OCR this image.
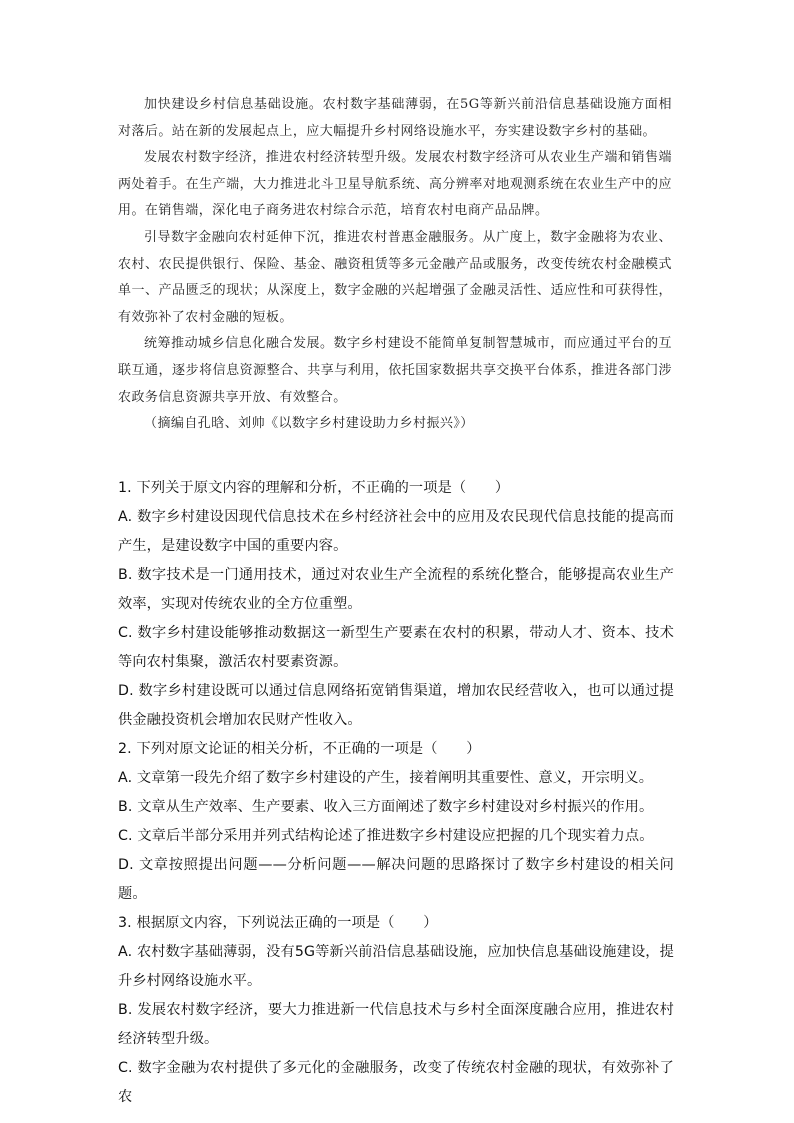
加快建设乡村信息基础设施。农村数字基础薄弱，在5G等新兴前沿信息基础设施方面相对落后。站在新的发展起点上，应大幅提升乡村网络设施水平，夯实建设数字乡村的基础。

发展农村数字经济，推进农村经济转型升级。发展农村数字经济可从农业生产端和销售端两处着手。在生产端，大力推进北斗卫星导航系统、高分辨率对地观测系统在农业生产中的应用。在销售端，深化电子商务进农村综合示范，培育农村电商产品品牌。

引导数字金融向农村延伸下沉，推进农村普惠金融服务。从广度上，数字金融将为农业、农村、农民提供银行、保险、基金、融资租赁等多元金融产品或服务，改变传统农村金融模式单一、产品匮乏的现状；从深度上，数字金融的兴起增强了金融灵活性、适应性和可获得性，有效弥补了农村金融的短板。

统筹推动城乡信息化融合发展。数字乡村建设不能简单复制智慧城市，而应通过平台的互联互通，逐步将信息资源整合、共享与利用，依托国家数据共享交换平台体系，推进各部门涉农政务信息资源共享开放、有效整合。

（摘编自孔晗、刘帅《以数字乡村建设助力乡村振兴》）

1. 下列关于原文内容的理解和分析，不正确的一项是（　　）

A. 数字乡村建设因现代信息技术在乡村经济社会中的应用及农民现代信息技能的提高而产生，是建设数字中国的重要内容。

B. 数字技术是一门通用技术，通过对农业生产全流程的系统化整合，能够提高农业生产效率，实现对传统农业的全方位重塑。

C. 数字乡村建设能够推动数据这一新型生产要素在农村的积累，带动人才、资本、技术等向农村集聚，激活农村要素资源。

D. 数字乡村建设既可以通过信息网络拓宽销售渠道，增加农民经营收入，也可以通过提供金融投资机会增加农民财产性收入。

2. 下列对原文论证的相关分析，不正确的一项是（　　）

A. 文章第一段先介绍了数字乡村建设的产生，接着阐明其重要性、意义，开宗明义。

B. 文章从生产效率、生产要素、收入三方面阐述了数字乡村建设对乡村振兴的作用。

C. 文章后半部分采用并列式结构论述了推进数字乡村建设应把握的几个现实着力点。

D. 文章按照提出问题——分析问题——解决问题的思路探讨了数字乡村建设的相关问题。

3. 根据原文内容，下列说法正确的一项是（　　）

A. 农村数字基础薄弱，没有5G等新兴前沿信息基础设施，应加快信息基础设施建设，提升乡村网络设施水平。

B. 发展农村数字经济，要大力推进新一代信息技术与乡村全面深度融合应用，推进农村经济转型升级。

C. 数字金融为农村提供了多元化的金融服务，改变了传统农村金融的现状，有效弥补了农
